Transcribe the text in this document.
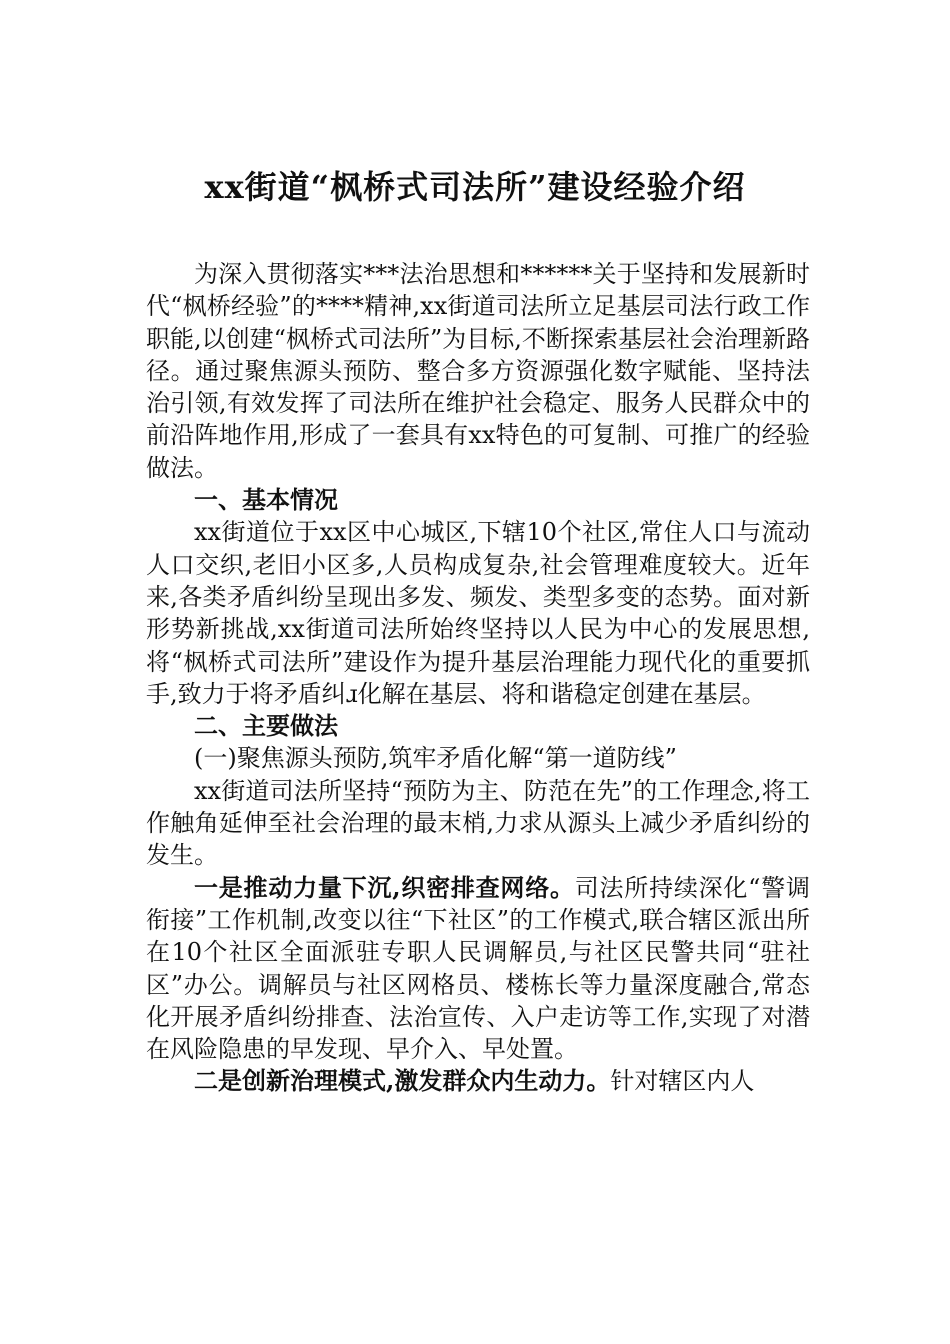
xx街道“枫桥式司法所”建设经验介绍

为深入贯彻落实***法治思想和******关于坚持和发展新时代“枫桥经验”的****精神,xx街道司法所立足基层司法行政工作职能,以创建“枫桥式司法所”为目标,不断探索基层社会治理新路径。通过聚焦源头预防、整合多方资源强化数字赋能、坚持法治引领,有效发挥了司法所在维护社会稳定、服务人民群众中的前沿阵地作用,形成了一套具有xx特色的可复制、可推广的经验做法。

一、基本情况

xx街道位于xx区中心城区,下辖10个社区,常住人口与流动人口交织,老旧小区多,人员构成复杂,社会管理难度较大。近年来,各类矛盾纠纷呈现出多发、频发、类型多变的态势。面对新形势新挑战,xx街道司法所始终坚持以人民为中心的发展思想,将“枫桥式司法所”建设作为提升基层治理能力现代化的重要抓手,致力于将矛盾纠ɹ化解在基层、将和谐稳定创建在基层。

二、主要做法

(一)聚焦源头预防,筑牢矛盾化解“第一道防线”

xx街道司法所坚持“预防为主、防范在先”的工作理念,将工作触角延伸至社会治理的最末梢,力求从源头上减少矛盾纠纷的发生。

一是推动力量下沉,织密排查网络。司法所持续深化“警调衔接”工作机制,改变以往“下社区”的工作模式,联合辖区派出所在10个社区全面派驻专职人民调解员,与社区民警共同“驻社区”办公。调解员与社区网格员、楼栋长等力量深度融合,常态化开展矛盾纠纷排查、法治宣传、入户走访等工作,实现了对潜在风险隐患的早发现、早介入、早处置。

二是创新治理模式,激发群众内生动力。针对辖区内人
